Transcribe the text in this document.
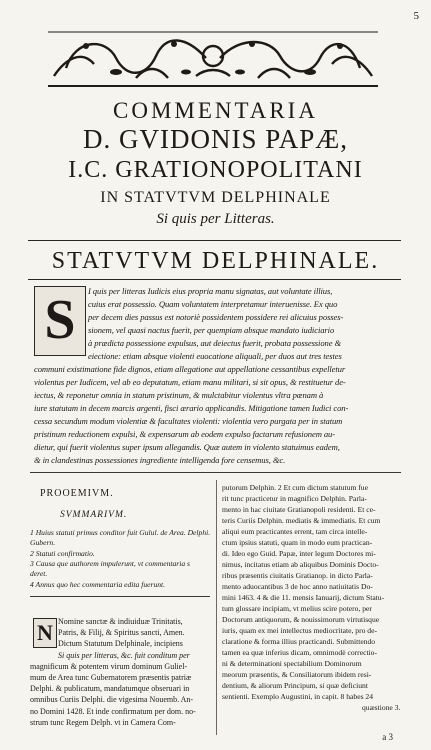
5
COMMENTARIA
D. GVIDONIS PAPÆ,
I.C. GRATIONOPOLITANI
IN STATVTVM DELPHINALE
Si quis per Litteras.
STATVTVM DELPHINALE.
S	I quis per litteras Iudicis eius propria manu signatas, aut voluntate illius,
cuius erat possessio. Quam voluntatem interpretamur interuenisse. Ex quo
per decem dies passus est notoriè possidentem possidere rei alicuius posses-
sionem, vel quasi nactus fuerit, per quempiam absque mandato iudiciario
à prædicta possessione expulsus, aut deiectus fuerit, probata possessione &
eiectione: etiam absque violenti euocatione aliquali, per duos aut tres testes
communi existimatione fide dignos, etiam allegatione aut appellatione cessantibus expelletur
violentus per Iudicem, vel ab eo deputatum, etiam manu militari, si sit opus, & restituetur de-
iectus, & reponetur omnia in statum pristinum, & mulctabitur violentus vltra pœnam à
iure statutam in decem marcis argenti, fisci ærario applicandis. Mitigatione tamen Iudici con-
cessa secundum modum violentiæ & facultates violenti: violentia vero purgata per in statum
pristinum reductionem expulsi, & expensarum ab eodem expulso factarum refusionem au-
dietur, qui fuerit violentus super ipsum allegandis. Quæ autem in violento statuimus eadem,
& in clandestinas possessiones ingrediente intelligenda fore censemus, &c.
PROOEMIVM.
SVMMARIVM.
1 Huius statuti primus conditor fuit Gulul. de Area. Delphi.
Gubern.
2 Statuti confirmatio.
3 Causa que authorem impulerunt, vt commentaria s
deret.
4 Annus quo hec commentaria edita fuerunt.
N Nomine sanctæ & indiuiduæ Trinitatis,
Patris, & Filij, & Spiritus sancti, Amen.
Dictum Statutum Delphinale, incipiens
Si quis per litteras, &c. fuit conditum per
magnificum & potentem virum dominum Guliel-
mum de Area tunc Gubernatorem præsentis patriæ
Delphi. & publicatum, mandatumque obseruari in
omnibus Curiis Delphi. die vigesima Nouemb. An-
no Domini 1428. Et inde confirmatum per dom. no-
strum tunc Regem Delph. vt in Camera Com-
putorum Delphin. 2 Et cum dictum statutum fue
rit tunc practicetur in magnifico Delphin. Parla-
mento in hac ciuitate Gratianopoli residenti. Et ce-
teris Curiis Delphin. mediatis & immediatis. Et cum
aliqui eum practicantes errent, tam circa intelle-
ctum ipsius statuti, quam in modo eum practican-
di. Ideo ego Guid. Papæ, inter legum Doctores mi-
nimus, incitatus etiam ab aliquibus Dominis Docto-
ribus præsentis ciuitatis Gratianop. in dicto Parla-
mento aduocantibus 3 de hoc anno natiuitatis Do-
mini 1463. 4 & die 11. mensis Ianuarij, dictum Statu-
tum glossare incipiam, vt melius scire potero, per
Doctorum antiquorum, & nouissimorum virtutisque
iuris, quam ex mei intellectus mediocritate, pro de-
claratione & forma illius practicandi. Submittendo
tamen ea quæ inferius dicam, omnimodè correctio-
ni & determinationi spectabilium Dominorum
meorum præsentis, & Consiliatorum ibidem resi-
dentium, & aliorum Principum, si quæ deficiunt
sentienti. Exemplo Augustini, in capit. 8 habes 24
quæstione 3.
a 3
